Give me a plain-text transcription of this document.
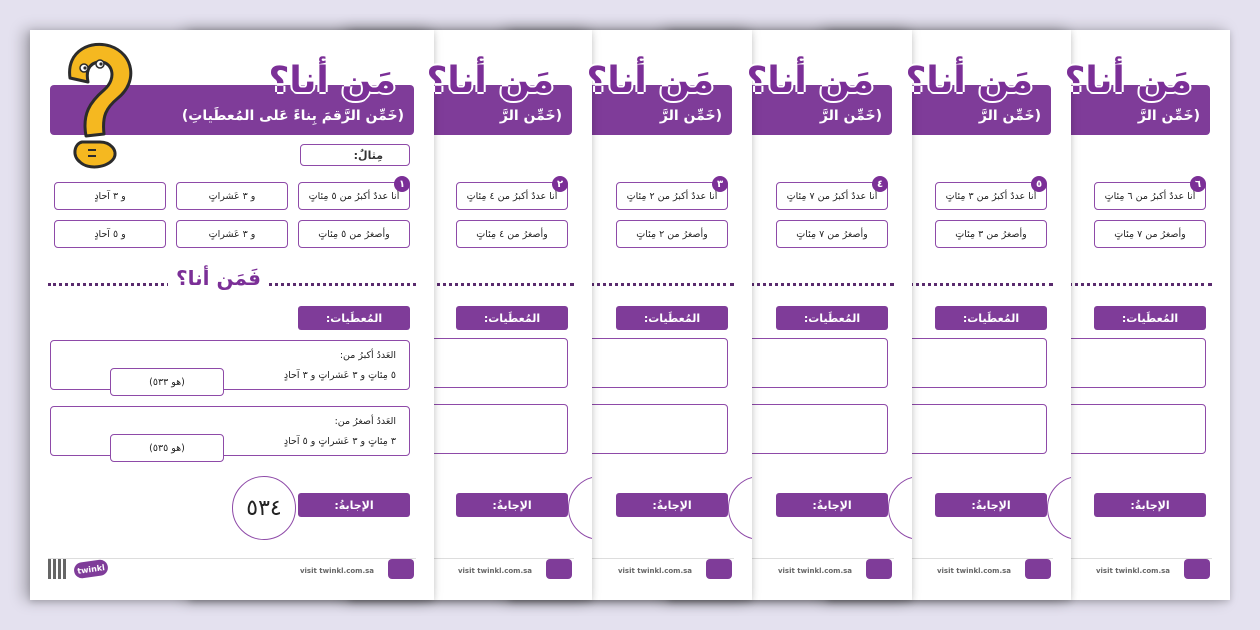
مَن أنا؟
(خَمِّن الرَّ
٦
أنا عددٌ أكبرُ من ٦ مِئاتٍ
وأصغرُ من ٧ مِئاتٍ
المُعطَيات:
الإجابةُ:
visit twinkl.com.sa
مَن أنا؟
(خَمِّن الرَّ
٥
أنا عددٌ أكبرُ من ٣ مِئاتٍ
وأصغرُ من ٣ مِئاتٍ
المُعطَيات:
الإجابةُ:
visit twinkl.com.sa
مَن أنا؟
(خَمِّن الرَّ
٤
أنا عددٌ أكبرُ من ٧ مِئاتٍ
وأصغرُ من ٧ مِئاتٍ
المُعطَيات:
الإجابةُ:
visit twinkl.com.sa
مَن أنا؟
(خَمِّن الرَّ
٣
أنا عددٌ أكبرُ من ٢ مِئاتٍ
وأصغرُ من ٢ مِئاتٍ
المُعطَيات:
الإجابةُ:
visit twinkl.com.sa
مَن أنا؟
(خَمِّن الرَّ
٢
أنا عددٌ أكبرُ من ٤ مِئاتٍ
وأصغرُ من ٤ مِئاتٍ
المُعطَيات:
الإجابةُ:
visit twinkl.com.sa
مَن أنا؟
(خَمِّن الرَّقمَ بِناءً عَلى المُعطَياتِ)
مِثالٌ:
١
أنا عددٌ أكبرُ من ٥ مِئاتٍ
و ٣ عَشراتٍ
و ٣ آحادٍ
وأصغرُ من ٥ مِئاتٍ
و ٣ عَشراتٍ
و ٥ آحادٍ
فَمَن أنا؟
المُعطَيات:
العَددُ أكبرُ من:
٥ مِئاتٍ و ٣ عَشراتٍ و ٣ آحادٍ
(هو ٥٣٣)
العَددُ أصغرُ من:
٣ مِئاتٍ و ٣ عَشراتٍ و ٥ آحادٍ
(هو ٥٣٥)
الإجابةُ:
٥٣٤
twinkl	visit twinkl.com.sa
